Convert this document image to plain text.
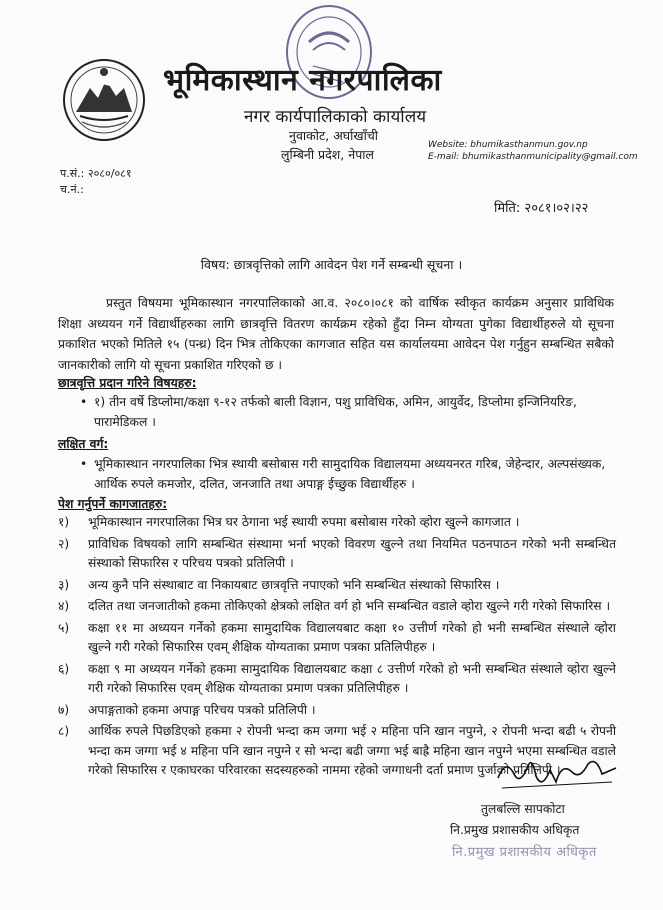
भूमिकास्थान नगरपालिका
नगर कार्यपालिकाको कार्यालय
नुवाकोट, अर्घाखाँची
लुम्बिनी प्रदेश, नेपाल
Website: bhumikasthanmun.gov.np
E-mail: bhumikasthanmunicipality@gmail.com
प.सं.: २०८०/०८१
च.नं.:
मिति: २०८१।०२।२२
विषय: छात्रवृत्तिको लागि आवेदन पेश गर्ने सम्बन्धी सूचना ।
प्रस्तुत विषयमा भूमिकास्थान नगरपालिकाको आ.व. २०८०।०८१ को वार्षिक स्वीकृत कार्यक्रम अनुसार प्राविधिक शिक्षा अध्ययन गर्ने विद्यार्थीहरुका लागि छात्रवृत्ति वितरण कार्यक्रम रहेको हुँदा निम्न योग्यता पुगेका विद्यार्थीहरुले यो सूचना प्रकाशित भएको मितिले १५ (पन्ध्र) दिन भित्र तोकिएका कागजात सहित यस कार्यालयमा आवेदन पेश गर्नुहुन सम्बन्धित सबैको जानकारीको लागि यो सूचना प्रकाशित गरिएको छ ।
छात्रवृत्ति प्रदान गरिने विषयहरु:
• १) तीन वर्षे डिप्लोमा/कक्षा ९-१२ तर्फको बाली विज्ञान, पशु प्राविधिक, अमिन, आयुर्वेद, डिप्लोमा इन्जिनियरिङ, पारामेडिकल ।
लक्षित वर्ग:
• भूमिकास्थान नगरपालिका भित्र स्थायी बसोबास गरी सामुदायिक विद्यालयमा अध्ययनरत गरिब, जेहेन्दार, अल्पसंख्यक, आर्थिक रुपले कमजोर, दलित, जनजाति तथा अपाङ्ग ईच्छुक विद्यार्थीहरु ।
पेश गर्नुपर्ने कागजातहरु:
१) भूमिकास्थान नगरपालिका भित्र घर ठेगाना भई स्थायी रुपमा बसोबास गरेको व्होरा खुल्ने कागजात ।
२) प्राविधिक विषयको लागि सम्बन्धित संस्थामा भर्ना भएको विवरण खुल्ने तथा नियमित पठनपाठन गरेको भनी सम्बन्धित संस्थाको सिफारिस र परिचय पत्रको प्रतिलिपी ।
३) अन्य कुनै पनि संस्थाबाट वा निकायबाट छात्रवृत्ति नपाएको भनि सम्बन्धित संस्थाको सिफारिस ।
४) दलित तथा जनजातीको हकमा तोकिएको क्षेत्रको लक्षित वर्ग हो भनि सम्बन्धित वडाले व्होरा खुल्ने गरी गरेको सिफारिस ।
५) कक्षा ११ मा अध्ययन गर्नेको हकमा सामुदायिक विद्यालयबाट कक्षा १० उत्तीर्ण गरेको हो भनी सम्बन्धित संस्थाले व्होरा खुल्ने गरी गरेको सिफारिस एवम् शैक्षिक योग्यताका प्रमाण पत्रका प्रतिलिपीहरु ।
६) कक्षा ९ मा अध्ययन गर्नेको हकमा सामुदायिक विद्यालयबाट कक्षा ८ उत्तीर्ण गरेको हो भनी सम्बन्धित संस्थाले व्होरा खुल्ने गरी गरेको सिफारिस एवम् शैक्षिक योग्यताका प्रमाण पत्रका प्रतिलिपीहरु ।
७) अपाङ्गताको हकमा अपाङ्ग परिचय पत्रको प्रतिलिपी ।
८) आर्थिक रुपले पिछडिएको हकमा २ रोपनी भन्दा कम जग्गा भई २ महिना पनि खान नपुग्ने, २ रोपनी भन्दा बढी ५ रोपनी भन्दा कम जग्गा भई ४ महिना पनि खान नपुग्ने र सो भन्दा बढी जग्गा भई बाह्रै महिना खान नपुग्ने भएमा सम्बन्धित वडाले गरेको सिफारिस र एकाघरका परिवारका सदस्यहरुको नाममा रहेको जग्गाधनी दर्ता प्रमाण पुर्जाको प्रतिलिपी ।
तुलबल्लि सापकोटा
नि.प्रमुख प्रशासकीय अधिकृत
नि.प्रमुख प्रशासकीय अधिकृत
